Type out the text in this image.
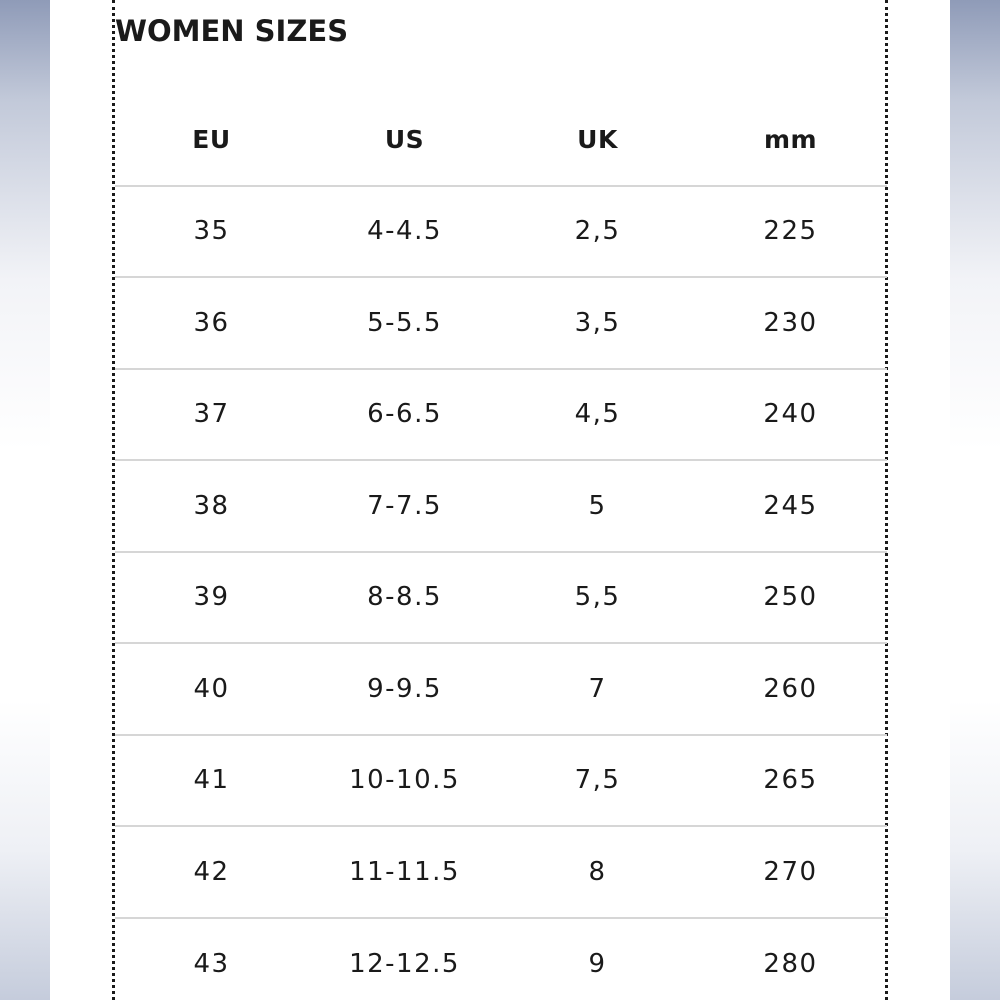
WOMEN SIZES
EU	US	UK	mm
35	4-4.5	2,5	225
36	5-5.5	3,5	230
37	6-6.5	4,5	240
38	7-7.5	5	245
39	8-8.5	5,5	250
40	9-9.5	7	260
41	10-10.5	7,5	265
42	11-11.5	8	270
43	12-12.5	9	280
